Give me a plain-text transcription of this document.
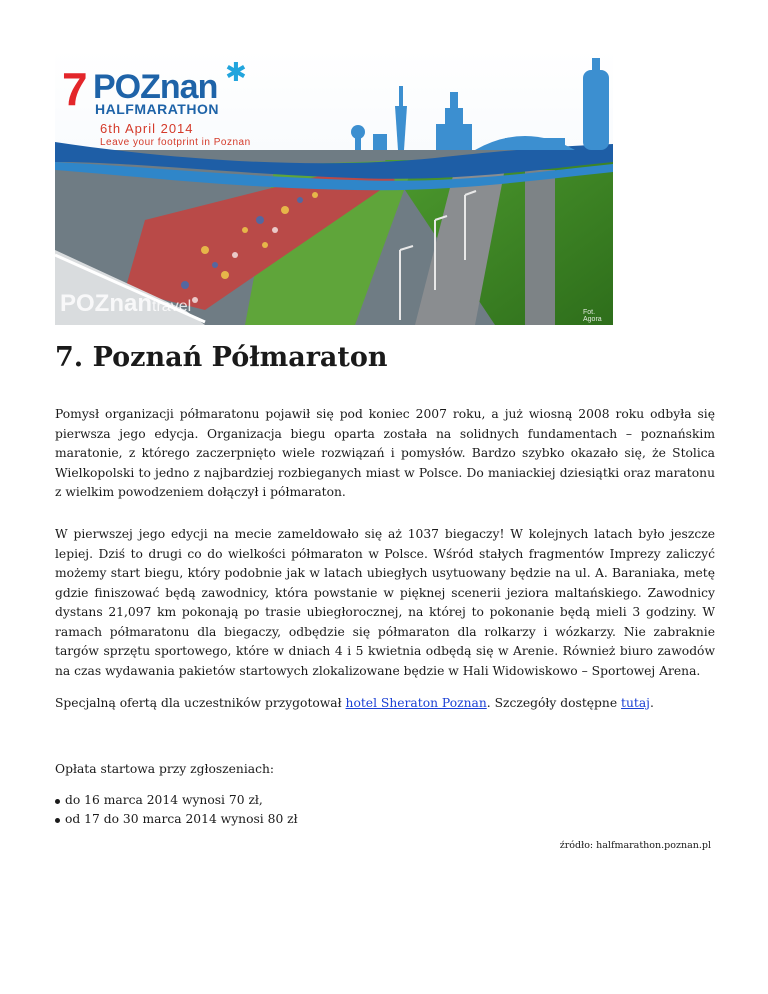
7 POZnan ✱
HALFMARATHON
6th April 2014
Leave your footprint in Poznan
POZnantravel	Fot. Agora
7. Poznań Półmaraton

Pomysł organizacji półmaratonu pojawił się pod koniec 2007 roku, a już wiosną 2008 roku odbyła się pierwsza jego edycja. Organizacja biegu oparta została na solidnych fundamentach – poznańskim maratonie, z którego zaczerpnięto wiele rozwiązań i pomysłów. Bardzo szybko okazało się, że Stolica Wielkopolski to jedno z najbardziej rozbieganych miast w Polsce. Do maniackiej dziesiątki oraz maratonu z wielkim powodzeniem dołączył i półmaraton.

W pierwszej jego edycji na mecie zameldowało się aż 1037 biegaczy! W kolejnych latach było jeszcze lepiej. Dziś to drugi co do wielkości półmaraton w Polsce. Wśród stałych fragmentów Imprezy zaliczyć możemy start biegu, który podobnie jak w latach ubiegłych usytuowany będzie na ul. A. Baraniaka, metę gdzie finiszować będą zawodnicy, która powstanie w pięknej scenerii jeziora maltańskiego. Zawodnicy dystans 21,097 km pokonają po trasie ubiegłorocznej, na której to pokonanie będą mieli 3 godziny. W ramach półmaratonu dla biegaczy, odbędzie się półmaraton dla rolkarzy i wózkarzy. Nie zabraknie targów sprzętu sportowego, które w dniach 4 i 5 kwietnia odbędą się w Arenie. Również biuro zawodów na czas wydawania pakietów startowych zlokalizowane będzie w Hali Widowiskowo – Sportowej Arena.

Specjalną ofertą dla uczestników przygotował hotel Sheraton Poznan. Szczegóły dostępne tutaj.

Opłata startowa przy zgłoszeniach:

do 16 marca 2014 wynosi 70 zł,
od 17 do 30 marca 2014 wynosi 80 zł
źródło: halfmarathon.poznan.pl
